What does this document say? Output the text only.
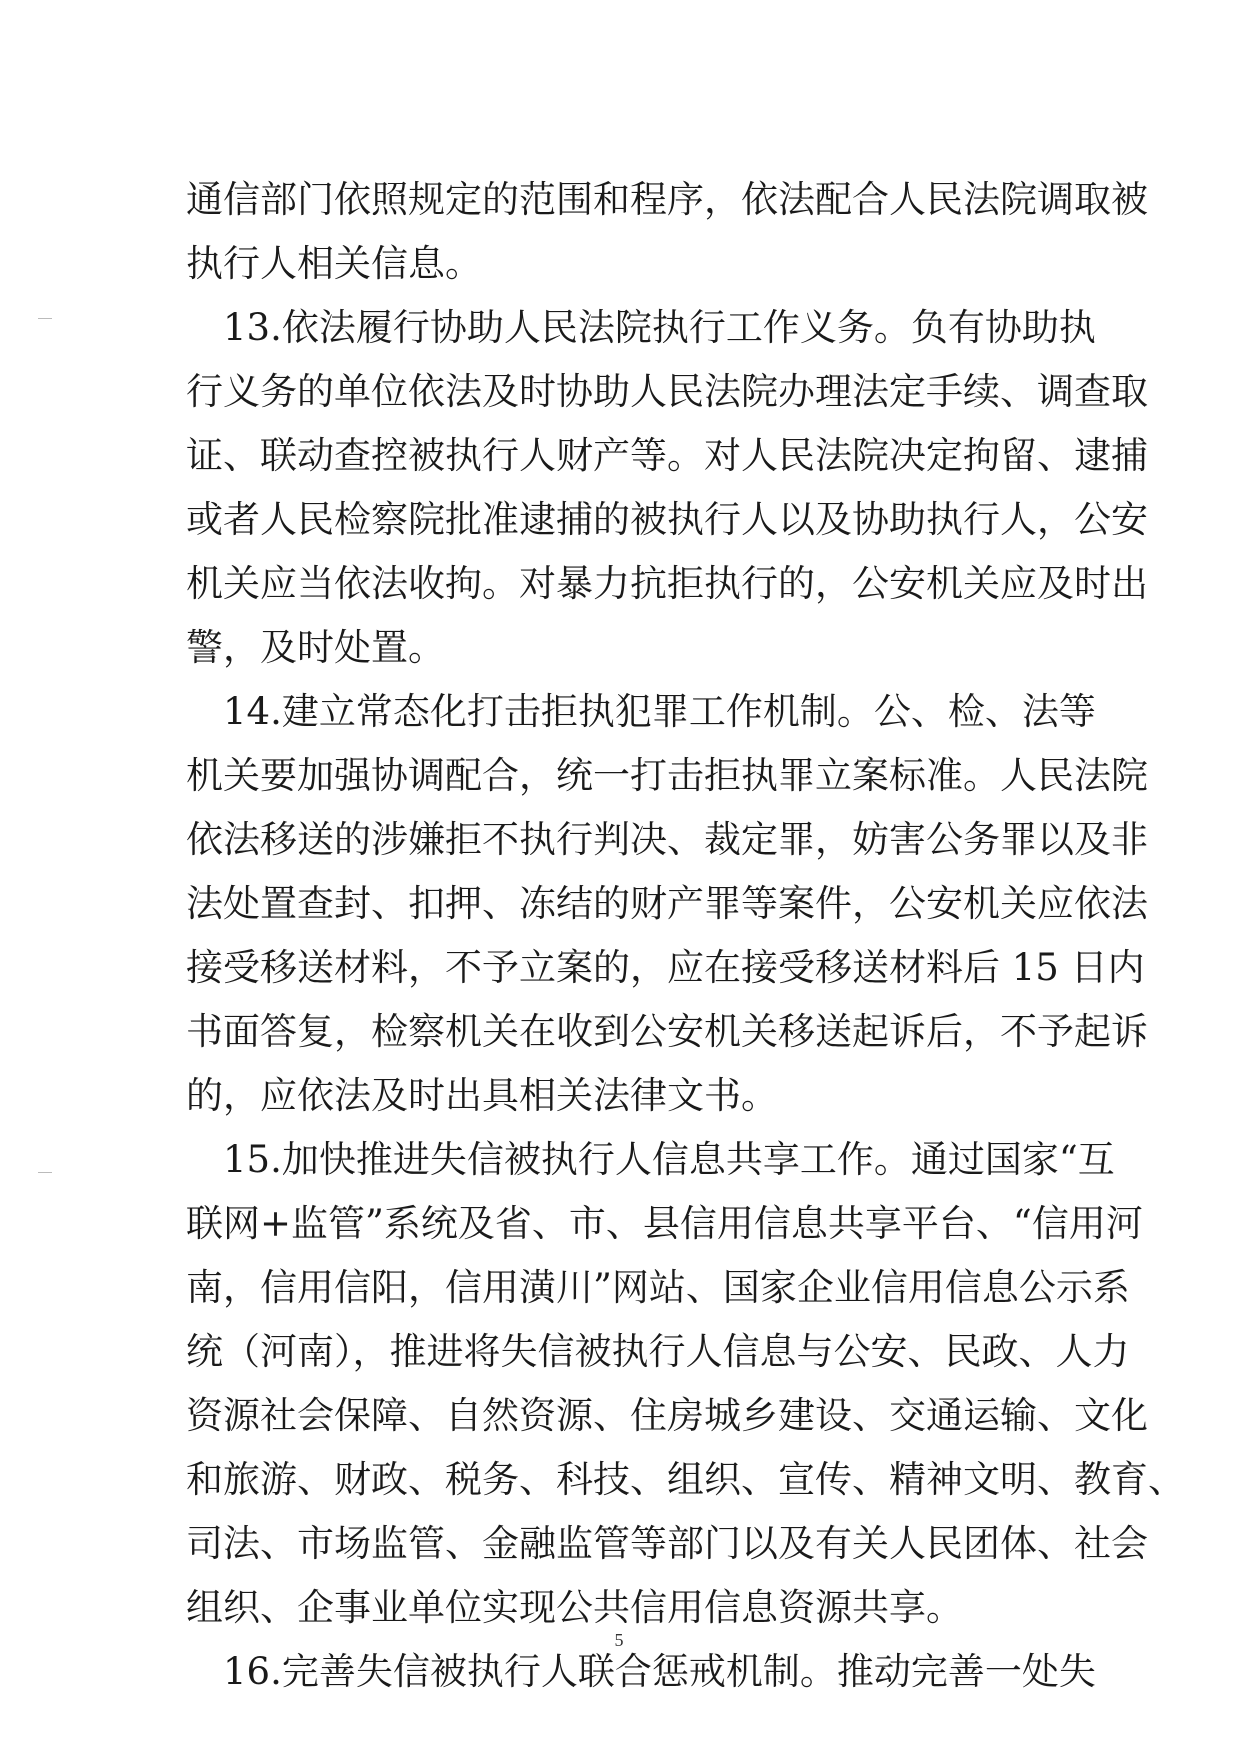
通信部门依照规定的范围和程序，依法配合人民法院调取被
执行人相关信息。
　13.依法履行协助人民法院执行工作义务。负有协助执
行义务的单位依法及时协助人民法院办理法定手续、调查取
证、联动查控被执行人财产等。对人民法院决定拘留、逮捕
或者人民检察院批准逮捕的被执行人以及协助执行人，公安
机关应当依法收拘。对暴力抗拒执行的，公安机关应及时出
警，及时处置。
　14.建立常态化打击拒执犯罪工作机制。公、检、法等
机关要加强协调配合，统一打击拒执罪立案标准。人民法院
依法移送的涉嫌拒不执行判决、裁定罪，妨害公务罪以及非
法处置查封、扣押、冻结的财产罪等案件，公安机关应依法
接受移送材料，不予立案的，应在接受移送材料后 15 日内
书面答复，检察机关在收到公安机关移送起诉后，不予起诉
的，应依法及时出具相关法律文书。
　15.加快推进失信被执行人信息共享工作。通过国家“互
联网+监管”系统及省、市、县信用信息共享平台、“信用河
南，信用信阳，信用潢川”网站、国家企业信用信息公示系
统（河南），推进将失信被执行人信息与公安、民政、人力
资源社会保障、自然资源、住房城乡建设、交通运输、文化
和旅游、财政、税务、科技、组织、宣传、精神文明、教育、
司法、市场监管、金融监管等部门以及有关人民团体、社会
组织、企事业单位实现公共信用信息资源共享。
　16.完善失信被执行人联合惩戒机制。推动完善一处失
5
